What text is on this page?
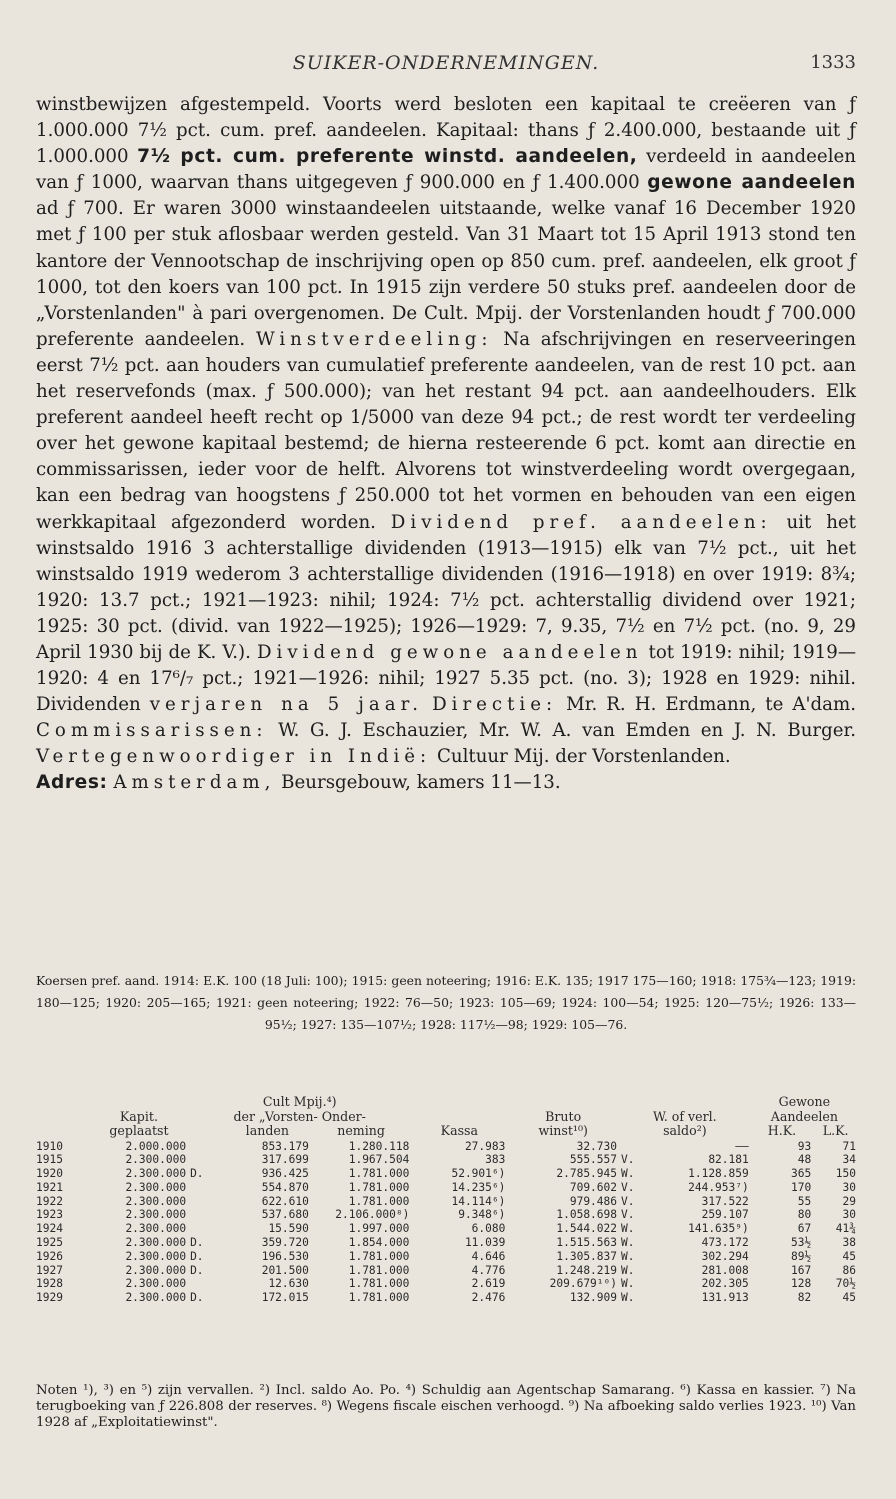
SUIKER-ONDERNEMINGEN.	1333

winstbewijzen afgestempeld. Voorts werd besloten een kapitaal te creëeren van ƒ 1.000.000 7½ pct. cum. pref. aandeelen. Kapitaal: thans ƒ 2.400.000, bestaande uit ƒ 1.000.000 7½ pct. cum. preferente winstd. aandeelen, verdeeld in aandeelen van ƒ 1000, waarvan thans uitgegeven ƒ 900.000 en ƒ 1.400.000 gewone aandeelen ad ƒ 700. Er waren 3000 winstaandeelen uitstaande, welke vanaf 16 December 1920 met ƒ 100 per stuk aflosbaar werden gesteld. Van 31 Maart tot 15 April 1913 stond ten kantore der Vennootschap de inschrijving open op 850 cum. pref. aandeelen, elk groot ƒ 1000, tot den koers van 100 pct. In 1915 zijn verdere 50 stuks pref. aandeelen door de „Vorstenlanden" à pari overgenomen. De Cult. Mpij. der Vorstenlanden houdt ƒ 700.000 preferente aandeelen. Winstverdeeling: Na afschrijvingen en reserveeringen eerst 7½ pct. aan houders van cumulatief preferente aandeelen, van de rest 10 pct. aan het reservefonds (max. ƒ 500.000); van het restant 94 pct. aan aandeelhouders. Elk preferent aandeel heeft recht op 1/5000 van deze 94 pct.; de rest wordt ter verdeeling over het gewone kapitaal bestemd; de hierna resteerende 6 pct. komt aan directie en commissarissen, ieder voor de helft. Alvorens tot winstverdeeling wordt overgegaan, kan een bedrag van hoogstens ƒ 250.000 tot het vormen en behouden van een eigen werkkapitaal afgezonderd worden. Dividend pref. aandeelen: uit het winstsaldo 1916 3 achterstallige dividenden (1913—1915) elk van 7½ pct., uit het winstsaldo 1919 wederom 3 achterstallige dividenden (1916—1918) en over 1919: 8¾; 1920: 13.7 pct.; 1921—1923: nihil; 1924: 7½ pct. achterstallig dividend over 1921; 1925: 30 pct. (divid. van 1922—1925); 1926—1929: 7, 9.35, 7½ en 7½ pct. (no. 9, 29 April 1930 bij de K. V.). Dividend gewone aandeelen tot 1919: nihil; 1919—1920: 4 en 17⁶/₇ pct.; 1921—1926: nihil; 1927 5.35 pct. (no. 3); 1928 en 1929: nihil. Dividenden verjaren na 5 jaar. Directie: Mr. R. H. Erdmann, te A'dam. Commissarissen: W. G. J. Eschauzier, Mr. W. A. van Emden en J. N. Burger. Vertegenwoordiger in Indië: Cultuur Mij. der Vorstenlanden.

Adres: Amsterdam, Beursgebouw, kamers 11—13.

Koersen pref. aand. 1914: E.K. 100 (18 Juli: 100); 1915: geen noteering; 1916: E.K. 135; 1917 175—160; 1918: 175¾—123; 1919: 180—125; 1920: 205—165; 1921: geen noteering; 1922: 76—50; 1923: 105—69; 1924: 100—54; 1925: 120—75½; 1926: 133—95½; 1927: 135—107½; 1928: 117½—98; 1929: 105—76.
		Cult Mpij.⁴)							Gewone	
	Kapit.	der „Vorsten- Onder-				Bruto	W. of verl.		Aandeelen	
	geplaatst		landen	neming	Kassa	winst¹⁰)	saldo²)		H.K.	L.K.
1910	2.000.000		853.179	1.280.118	27.983	32.730		——	93	71
1915	2.300.000		317.699	1.967.504	383	555.557	V.	82.181	48	34
1920	2.300.000	D.	936.425	1.781.000	52.901⁶)	2.785.945	W.	1.128.859	365	150
1921	2.300.000		554.870	1.781.000	14.235⁶)	709.602	V.	244.953⁷)	170	30
1922	2.300.000		622.610	1.781.000	14.114⁶)	979.486	V.	317.522	55	29
1923	2.300.000		537.680	2.106.000⁸)	9.348⁶)	1.058.698	V.	259.107	80	30
1924	2.300.000		15.590	1.997.000	6.080	1.544.022	W.	141.635⁹)	67	41¾
1925	2.300.000	D.	359.720	1.854.000	11.039	1.515.563	W.	473.172	53½	38
1926	2.300.000	D.	196.530	1.781.000	4.646	1.305.837	W.	302.294	89½	45
1927	2.300.000	D.	201.500	1.781.000	4.776	1.248.219	W.	281.008	167	86
1928	2.300.000		12.630	1.781.000	2.619	209.679¹⁰)	W.	202.305	128	70½
1929	2.300.000	D.	172.015	1.781.000	2.476	132.909	W.	131.913	82	45
Noten ¹), ³) en ⁵) zijn vervallen. ²) Incl. saldo Ao. Po. ⁴) Schuldig aan Agentschap Samarang. ⁶) Kassa en kassier. ⁷) Na terugboeking van ƒ 226.808 der reserves. ⁸) Wegens fiscale eischen verhoogd. ⁹) Na afboeking saldo verlies 1923. ¹⁰) Van 1928 af „Exploitatiewinst".
